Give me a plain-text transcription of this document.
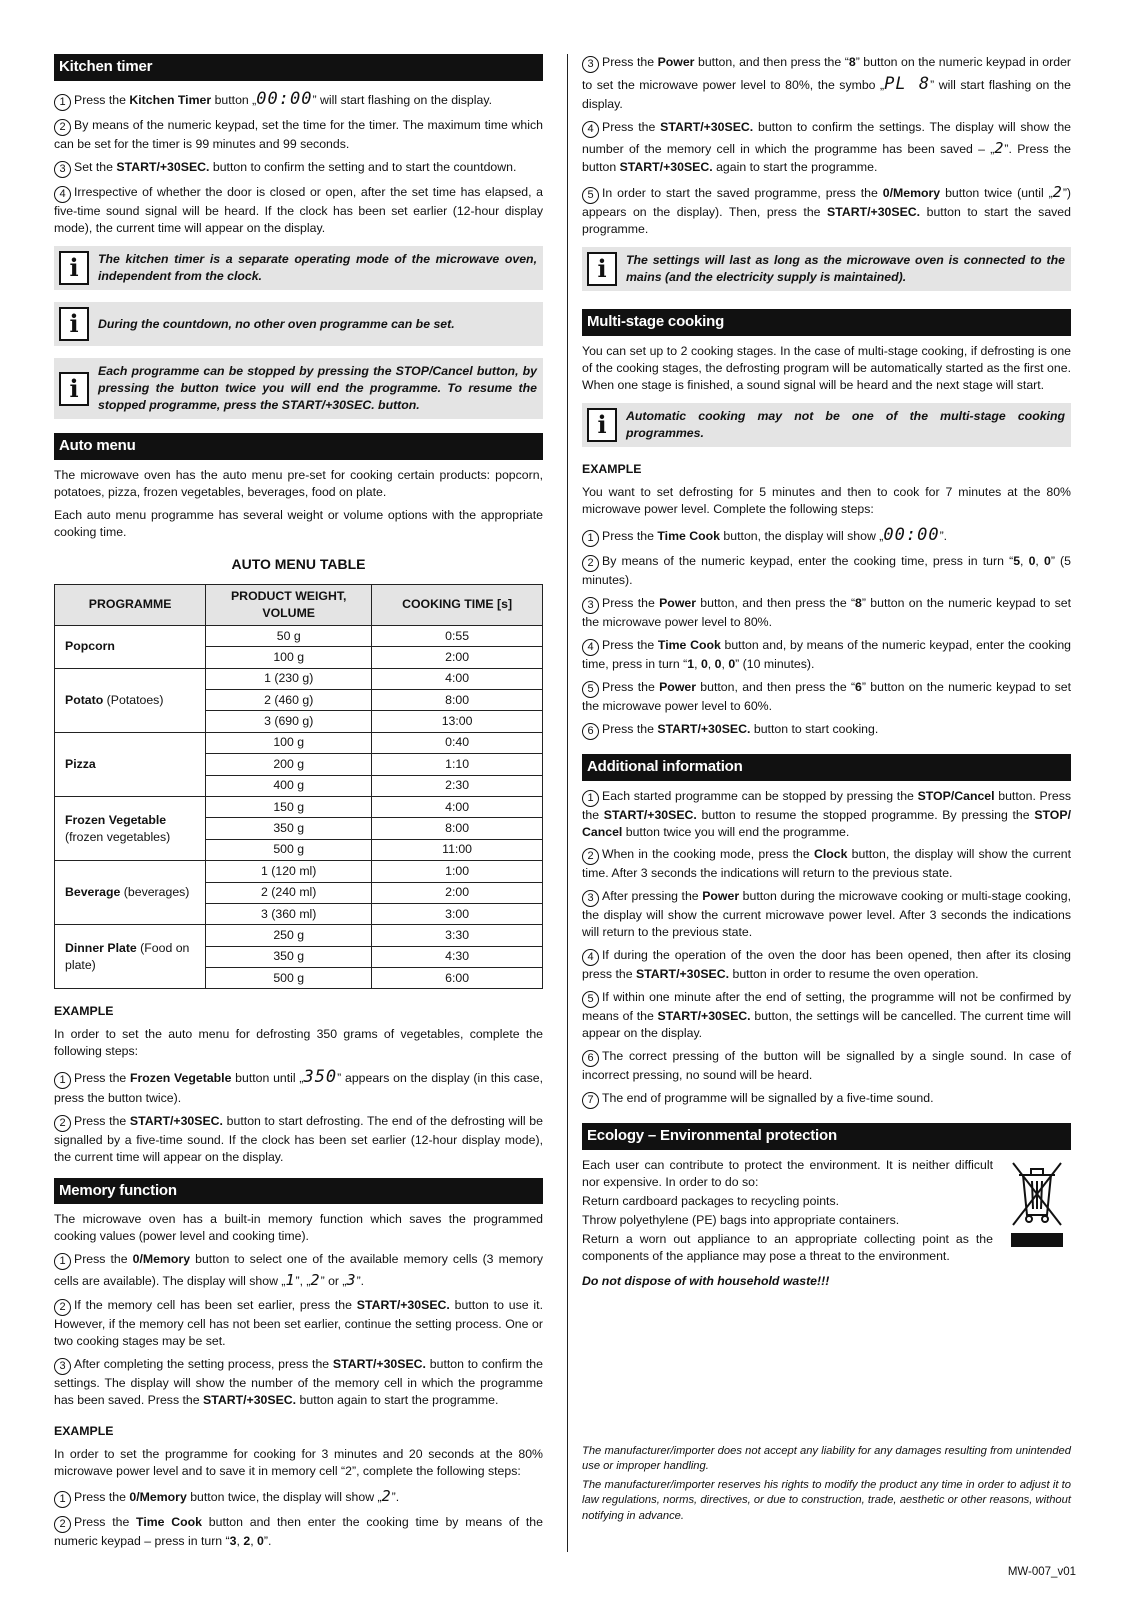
Kitchen timer

1 Press the Kitchen Timer button „00:00” will start flashing on the display.

2 By means of the numeric keypad, set the time for the timer. The maximum time which can be set for the timer is 99 minutes and 99 seconds.

3 Set the START/+30SEC. button to confirm the setting and to start the countdown.

4 Irrespective of whether the door is closed or open, after the set time has elapsed, a five-time sound signal will be heard. If the clock has been set earlier (12-hour display mode), the current time will appear on the display.

i	The kitchen timer is a separate operating mode of the microwave oven, independent from the clock.
i	During the countdown, no other oven programme can be set.
i
Each programme can be stopped by pressing the STOP/Cancel button, by pressing the button twice you will end the programme. To resume the stopped programme, press the START/+30SEC. button.
Auto menu

The microwave oven has the auto menu pre-set for cooking certain products: popcorn, potatoes, pizza, frozen vegetables, beverages, food on plate.

Each auto menu programme has several weight or volume options with the appropriate cooking time.

AUTO MENU TABLE
PROGRAMME	PRODUCT WEIGHT, VOLUME	COOKING TIME [s]
Popcorn	50 g	0:55
	100 g	2:00
Potato (Potatoes)	1 (230 g)	4:00
	2 (460 g)	8:00
	3 (690 g)	13:00
Pizza	100 g	0:40
	200 g	1:10
	400 g	2:30
Frozen Vegetable
(frozen vegetables)	150 g	4:00
	350 g	8:00
	500 g	11:00
Beverage (beverages)	1 (120 ml)	1:00
	2 (240 ml)	2:00
	3 (360 ml)	3:00
Dinner Plate (Food on plate)	250 g	3:30
	350 g	4:30
	500 g	6:00
EXAMPLE

In order to set the auto menu for defrosting 350 grams of vegetables, complete the following steps:

1 Press the Frozen Vegetable button until „350” appears on the display (in this case, press the button twice).

2 Press the START/+30SEC. button to start defrosting. The end of the defrosting will be signalled by a five-time sound. If the clock has been set earlier (12-hour display mode), the current time will appear on the display.

Memory function

The microwave oven has a built-in memory function which saves the programmed cooking values (power level and cooking time).

1 Press the 0/Memory button to select one of the available memory cells (3 memory cells are available). The display will show „1”, „2” or „3”.

2 If the memory cell has been set earlier, press the START/+30SEC. button to use it. However, if the memory cell has not been set earlier, continue the setting process. One or two cooking stages may be set.

3 After completing the setting process, press the START/+30SEC. button to confirm the settings. The display will show the number of the memory cell in which the programme has been saved. Press the START/+30SEC. button again to start the programme.

EXAMPLE

In order to set the programme for cooking for 3 minutes and 20 seconds at the 80% microwave power level and to save it in memory cell “2”, complete the following steps:

1 Press the 0/Memory button twice, the display will show „2”.

2 Press the Time Cook button and then enter the cooking time by means of the numeric keypad – press in turn “3, 2, 0”.

3 Press the Power button, and then press the “8” button on the numeric keypad in order to set the microwave power level to 80%, the symbo „PL 8” will start flashing on the display.

4 Press the START/+30SEC. button to confirm the settings. The display will show the number of the memory cell in which the programme has been saved – „2”. Press the button START/+30SEC. again to start the programme.

5 In order to start the saved programme, press the 0/Memory button twice (until „2”) appears on the display). Then, press the START/+30SEC. button to start the saved programme.

i	The settings will last as long as the microwave oven is connected to the mains (and the electricity supply is maintained).
Multi-stage cooking

You can set up to 2 cooking stages. In the case of multi-stage cooking, if defrosting is one of the cooking stages, the defrosting program will be automatically started as the first one. When one stage is finished, a sound signal will be heard and the next stage will start.

i	Automatic cooking may not be one of the multi-stage cooking programmes.
EXAMPLE

You want to set defrosting for 5 minutes and then to cook for 7 minutes at the 80% microwave power level. Complete the following steps:

1 Press the Time Cook button, the display will show „00:00”.

2 By means of the numeric keypad, enter the cooking time, press in turn “5, 0, 0” (5 minutes).

3 Press the Power button, and then press the “8” button on the numeric keypad to set the microwave power level to 80%.

4 Press the Time Cook button and, by means of the numeric keypad, enter the cooking time, press in turn “1, 0, 0, 0” (10 minutes).

5 Press the Power button, and then press the “6” button on the numeric keypad to set the microwave power level to 60%.

6 Press the START/+30SEC. button to start cooking.

Additional information

1 Each started programme can be stopped by pressing the STOP/Cancel button. Press the START/+30SEC. button to resume the stopped programme. By pressing the STOP/ Cancel button twice you will end the programme.

2 When in the cooking mode, press the Clock button, the display will show the current time. After 3 seconds the indications will return to the previous state.

3 After pressing the Power button during the microwave cooking or multi-stage cooking, the display will show the current microwave power level. After 3 seconds the indications will return to the previous state.

4 If during the operation of the oven the door has been opened, then after its closing press the START/+30SEC. button in order to resume the oven operation.

5 If within one minute after the end of setting, the programme will not be confirmed by means of the START/+30SEC. button, the settings will be cancelled. The current time will appear on the display.

6 The correct pressing of the button will be signalled by a single sound. In case of incorrect pressing, no sound will be heard.

7 The end of programme will be signalled by a five-time sound.

Ecology – Environmental protection

Each user can contribute to protect the environment. It is neither difficult nor expensive. In order to do so:

Return cardboard packages to recycling points.

Throw polyethylene (PE) bags into appropriate containers.

Return a worn out appliance to an appropriate collecting point as the components of the appliance may pose a threat to the environment.

Do not dispose of with household waste!!!

The manufacturer/importer does not accept any liability for any damages resulting from unintended use or improper handling.

The manufacturer/importer reserves his rights to modify the product any time in order to adjust it to law regulations, norms, directives, or due to construction, trade, aesthetic or other reasons, without notifying in advance.

MW-007_v01
